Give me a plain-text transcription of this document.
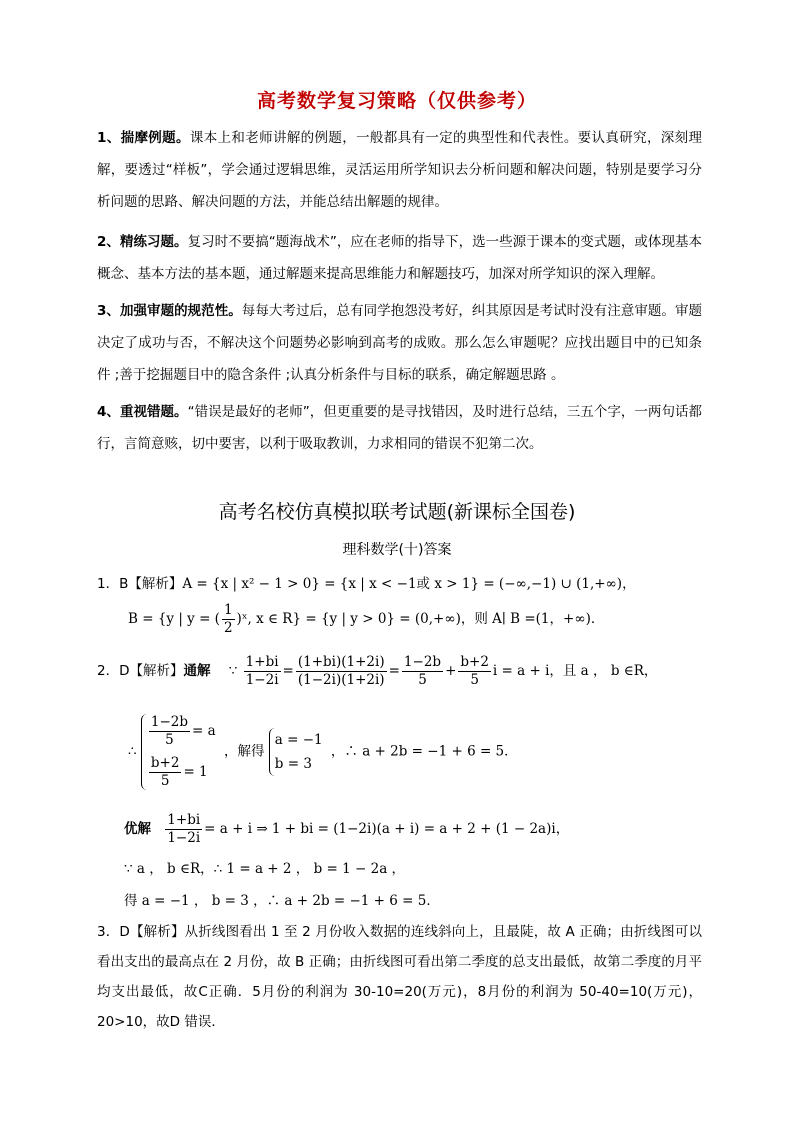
高考数学复习策略（仅供参考）
1、揣摩例题。课本上和老师讲解的例题，一般都具有一定的典型性和代表性。要认真研究，深刻理解，要透过“样板”，学会通过逻辑思维，灵活运用所学知识去分析问题和解决问题，特别是要学习分析问题的思路、解决问题的方法，并能总结出解题的规律。
2、精练习题。复习时不要搞“题海战术”，应在老师的指导下，选一些源于课本的变式题，或体现基本概念、基本方法的基本题，通过解题来提高思维能力和解题技巧，加深对所学知识的深入理解。
3、加强审题的规范性。每每大考过后，总有同学抱怨没考好，纠其原因是考试时没有注意审题。审题决定了成功与否，不解决这个问题势必影响到高考的成败。那么怎么审题呢？应找出题目中的已知条件 ;善于挖掘题目中的隐含条件 ;认真分析条件与目标的联系，确定解题思路 。
4、重视错题。“错误是最好的老师”，但更重要的是寻找错因，及时进行总结，三五个字，一两句话都行，言简意赅，切中要害，以利于吸取教训，力求相同的错误不犯第二次。
高考名校仿真模拟联考试题(新课标全国卷)
理科数学(十)答案
1．B【解析】A = {x | x² − 1 > 0} = {x | x < −1或 x > 1} = (−∞,−1) ∪ (1,+∞)，
B = {y | y = ( $\frac{1}{2}$ )ˣ, x ∈ R} = {y | y > 0} = (0,+∞)，则 A∣ B =(1，+∞)．
2．D【解析】通解 ∵ $\frac{1+bi}{1-2i} = \frac{(1+bi)(1+2i)}{(1-2i)(1+2i)} = \frac{1-2b}{5} + \frac{b+2}{5}$ i = a + i，且 a ， b ∈R，
∴
$\frac{1-2b}{5} = a$
$\frac{b+2}{5} = 1$
，解得
a = −1
b = 3
，∴ a + 2b = −1 + 6 = 5．
优解 $\frac{1+bi}{1-2i} = a + i$ ⇒ 1 + bi = (1−2i)(a + i) = a + 2 + (1 − 2a)i，
∵ a ， b ∈R，∴ 1 = a + 2 ， b = 1 − 2a ，
得 a = −1 ， b = 3 ，∴ a + 2b = −1 + 6 = 5．
3．D【解析】从折线图看出 1 至 2 月份收入数据的连线斜向上，且最陡，故 A 正确；由折线图可以看出支出的最高点在 2 月份，故 B 正确；由折线图可看出第二季度的总支出最低，故第二季度的月平均支出最低，故C正确．5月份的利润为 30-10=20(万元)，8月份的利润为 50-40=10(万元)，20>10，故D 错误．
